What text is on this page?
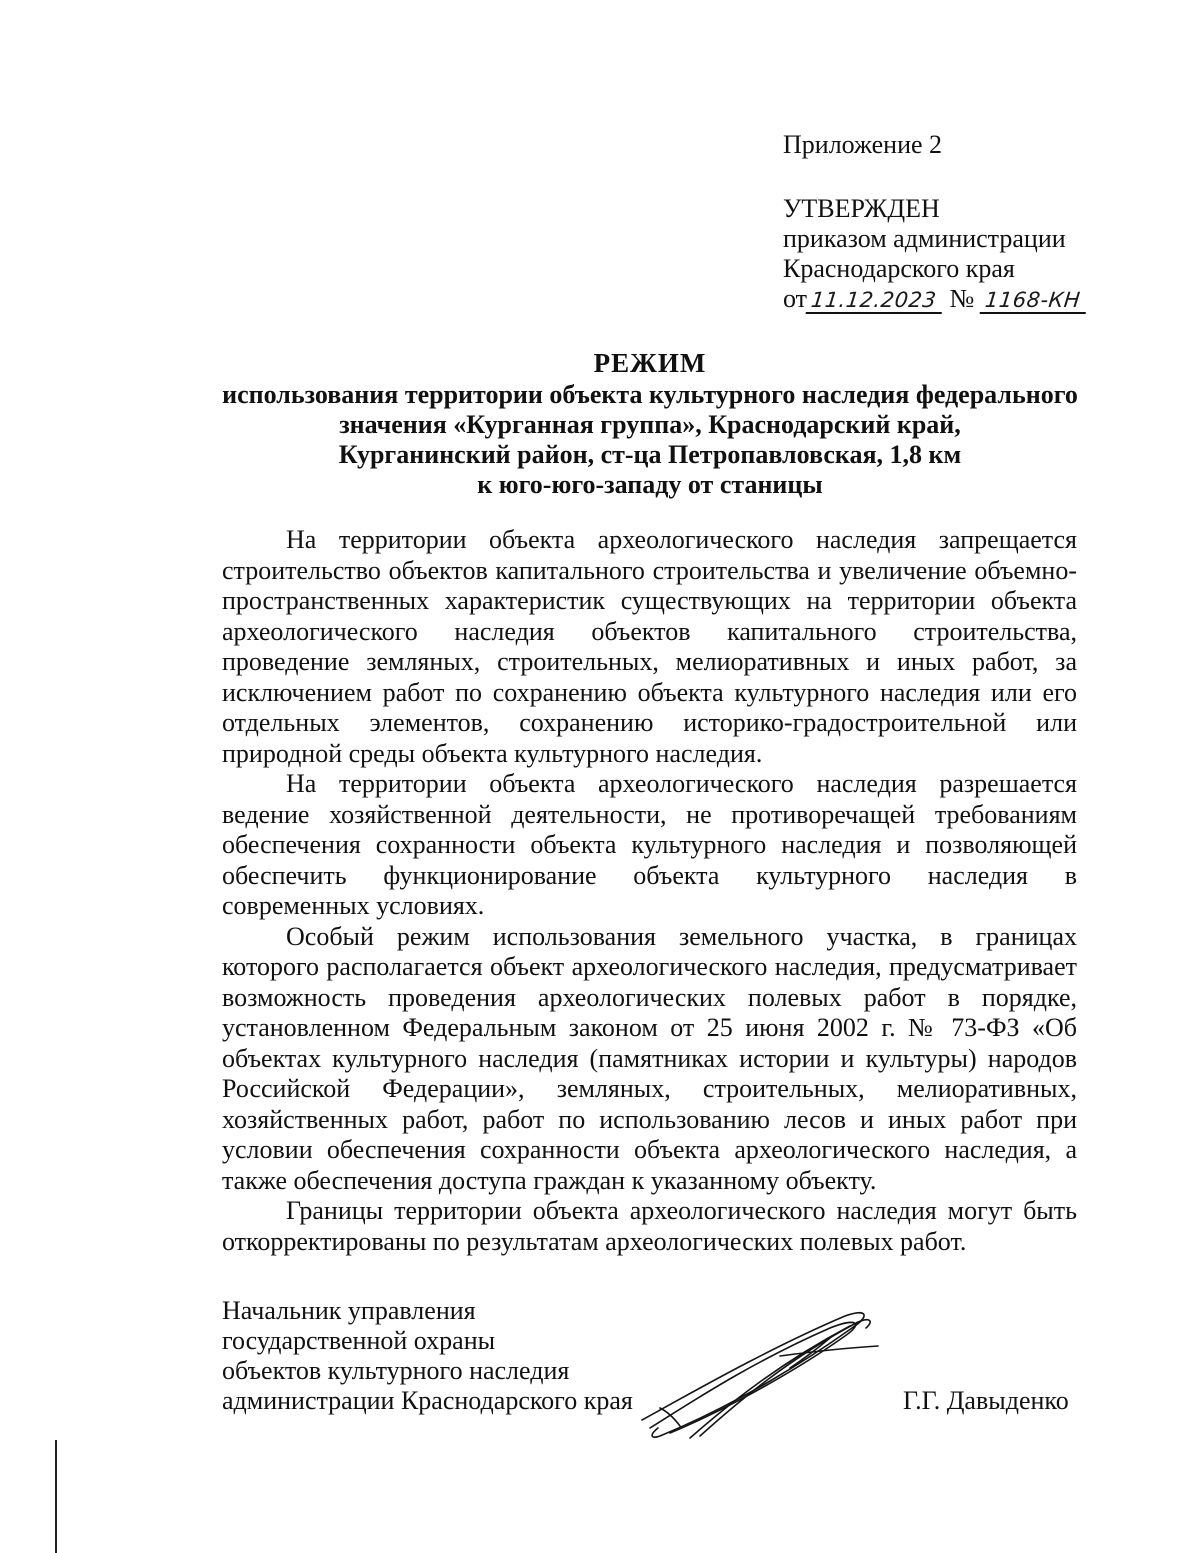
Приложение 2
УТВЕРЖДЕН
приказом администрации
Краснодарского края
от 11.12.2023 № 1168-КН
РЕЖИМ
использования территории объекта культурного наследия федерального
значения «Курганная группа», Краснодарский край,
Курганинский район, ст-ца Петропавловская, 1,8 км
к юго-юго-западу от станицы

На территории объекта археологического наследия запрещается строительство объектов капитального строительства и увеличение объемно-пространственных характеристик существующих на территории объекта археологического наследия объектов капитального строительства, проведение земляных, строительных, мелиоративных и иных работ, за исключением работ по сохранению объекта культурного наследия или его отдельных элементов, сохранению историко-градостроительной или природной среды объекта культурного наследия.

На территории объекта археологического наследия разрешается ведение хозяйственной деятельности, не противоречащей требованиям обеспечения сохранности объекта культурного наследия и позволяющей обеспечить функционирование объекта культурного наследия в современных условиях.

Особый режим использования земельного участка, в границах которого располагается объект археологического наследия, предусматривает возможность проведения археологических полевых работ в порядке, установленном Федеральным законом от 25 июня 2002 г. № 73-ФЗ «Об объектах культурного наследия (памятниках истории и культуры) народов Российской Федерации», земляных, строительных, мелиоративных, хозяйственных работ, работ по использованию лесов и иных работ при условии обеспечения сохранности объекта археологического наследия, а также обеспечения доступа граждан к указанному объекту.

Границы территории объекта археологического наследия могут быть откорректированы по результатам археологических полевых работ.

Начальник управления
государственной охраны
объектов культурного наследия
администрации Краснодарского края	Г.Г. Давыденко
